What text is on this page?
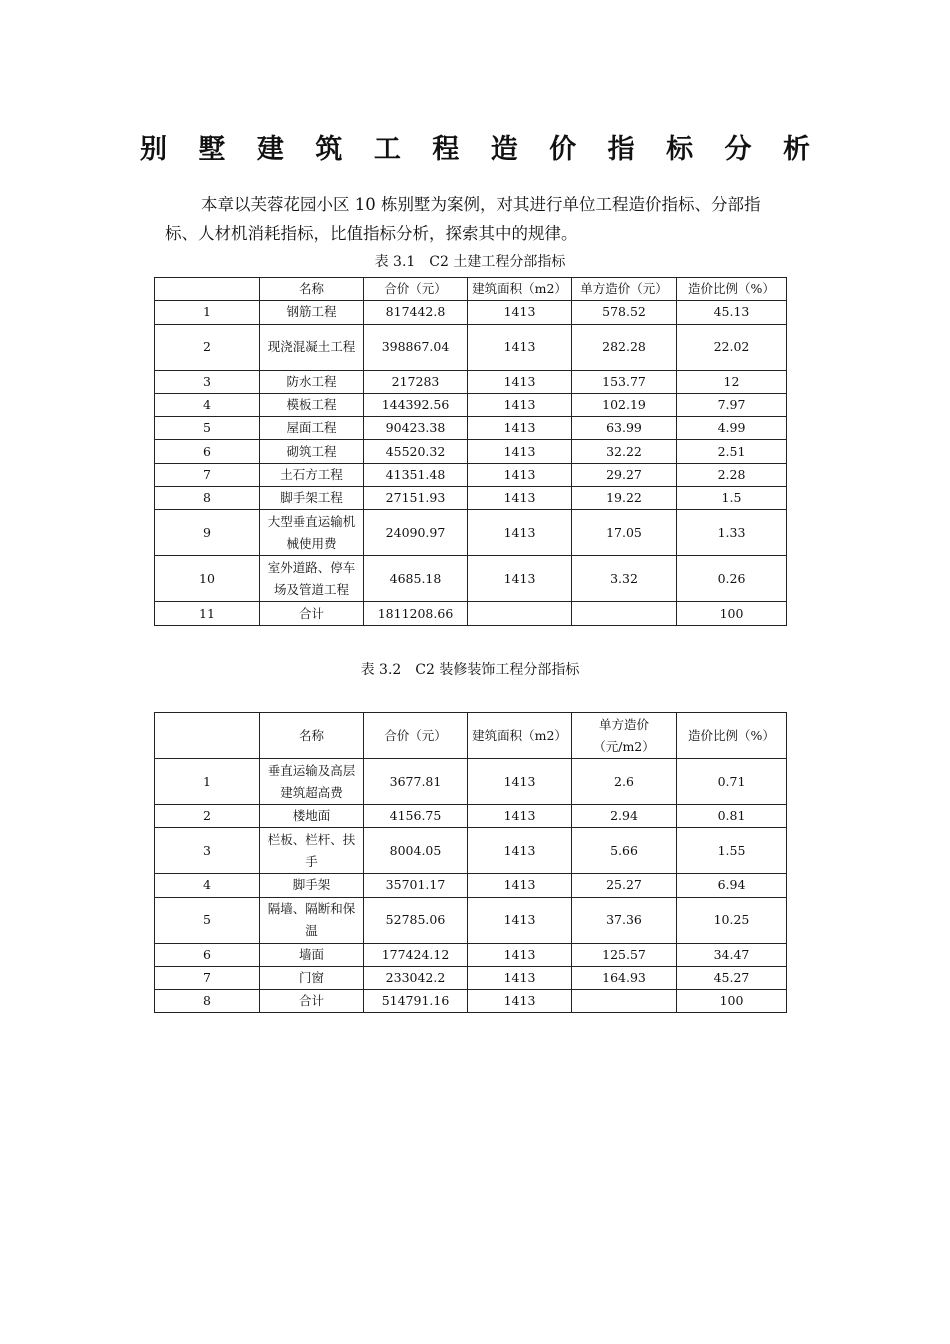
别 墅 建 筑 工 程 造 价 指 标 分 析

本章以芙蓉花园小区 10 栋别墅为案例，对其进行单位工程造价指标、分部指标、人材机消耗指标，比值指标分析，探索其中的规律。

表 3.1　C2 土建工程分部指标
	名称	合价（元）	建筑面积（m2）	单方造价（元）	造价比例（%）
1	钢筋工程	817442.8	1413	578.52	45.13
2	现浇混凝土工程	398867.04	1413	282.28	22.02
3	防水工程	217283	1413	153.77	12
4	模板工程	144392.56	1413	102.19	7.97
5	屋面工程	90423.38	1413	63.99	4.99
6	砌筑工程	45520.32	1413	32.22	2.51
7	土石方工程	41351.48	1413	29.27	2.28
8	脚手架工程	27151.93	1413	19.22	1.5
9	大型垂直运输机械使用费	24090.97	1413	17.05	1.33
10	室外道路、停车场及管道工程	4685.18	1413	3.32	0.26
11	合计	1811208.66			100
表 3.2　C2 装修装饰工程分部指标
	名称	合价（元）	建筑面积（m2）	单方造价（元/m2）	造价比例（%）
1	垂直运输及高层建筑超高费	3677.81	1413	2.6	0.71
2	楼地面	4156.75	1413	2.94	0.81
3	栏板、栏杆、扶手	8004.05	1413	5.66	1.55
4	脚手架	35701.17	1413	25.27	6.94
5	隔墙、隔断和保温	52785.06	1413	37.36	10.25
6	墙面	177424.12	1413	125.57	34.47
7	门窗	233042.2	1413	164.93	45.27
8	合计	514791.16	1413		100
